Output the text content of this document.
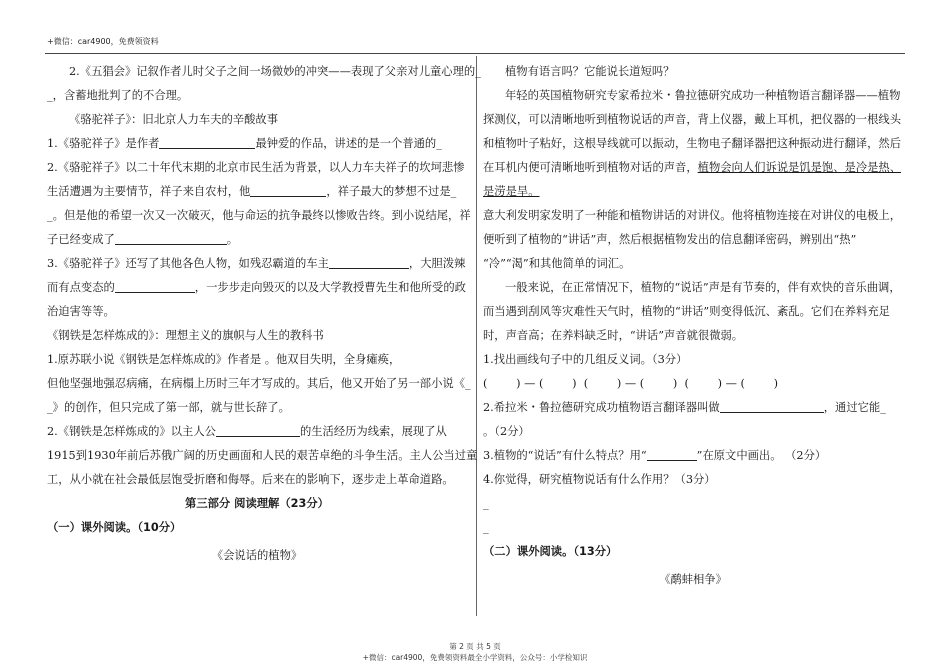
+微信：car4900，免费领资料

2.《五猖会》记叙作者儿时父子之间一场微妙的冲突——表现了父亲对儿童心理的_

_，含蓄地批判了的不合理。

《骆驼祥子》：旧北京人力车夫的辛酸故事

1.《骆驼祥子》是作者	最钟爱的作品，讲述的是一个普通的_

2.《骆驼祥子》以二十年代末期的北京市民生活为背景，以人力车夫祥子的坎坷悲惨

生活遭遇为主要情节，祥子来自农村，他	，祥子最大的梦想不过是_

_。但是他的希望一次又一次破灭，他与命运的抗争最终以惨败告终。到小说结尾，祥

子已经变成了	。

3.《骆驼祥子》还写了其他各色人物，如残忍霸道的车主	，大胆泼辣

而有点变态的	，一步步走向毁灭的以及大学教授曹先生和他所受的政

治迫害等等。

《钢铁是怎样炼成的》：理想主义的旗帜与人生的教科书

1.原苏联小说《钢铁是怎样炼成的》作者是 。他双目失明，全身瘫痪，

但他坚强地强忍病痛，在病榻上历时三年才写成的。其后，他又开始了另一部小说《_

_》的创作，但只完成了第一部，就与世长辞了。

2.《钢铁是怎样炼成的》以主人公	的生活经历为线索，展现了从

1915到1930年前后苏俄广阔的历史画面和人民的艰苦卓绝的斗争生活。主人公当过童

工，从小就在社会最低层饱受折磨和侮辱。后来在的影响下，逐步走上革命道路。

第三部分 阅读理解（23分）

（一）课外阅读。（10分）

《会说话的植物》

植物有语言吗？它能说长道短吗？

年轻的英国植物研究专家希拉米・鲁拉德研究成功一种植物语言翻译器——植物

探测仪，可以清晰地听到植物说话的声音，背上仪器，戴上耳机，把仪器的一根线头

和植物叶子粘好，这根导线就可以振动，生物电子翻译器把这种振动进行翻译，然后

在耳机内便可清晰地听到植物对话的声音，植物会向人们诉说是饥是饱、是冷是热、

是涝是旱。

意大利发明家发明了一种能和植物讲话的对讲仪。他将植物连接在对讲仪的电极上，

便听到了植物的“讲话”声，然后根据植物发出的信息翻译密码，辨别出“热”

“冷”“渴”和其他简单的词汇。

一般来说，在正常情况下，植物的“说话”声是有节奏的，伴有欢快的音乐曲调，

而当遇到刮风等灾难性天气时，植物的“讲话”则变得低沉、紊乱。它们在养料充足

时，声音高；在养料缺乏时，“讲话”声音就很微弱。

1.找出画线句子中的几组反义词。（3分）

(        ) — (        )  (        ) — (        )  (        ) — (        )

2.希拉米・鲁拉德研究成功植物语言翻译器叫做	，通过它能_

。（2分）

3.植物的“说话”有什么特点？用“	”在原文中画出。 （2分）

4.你觉得，研究植物说话有什么作用？（3分）

_

_

（二）课外阅读。（13分）

《鹬蚌相争》

第 2 页 共 5 页
+微信：car4900，免费领资料最全小学资料，公众号：小学检知识
